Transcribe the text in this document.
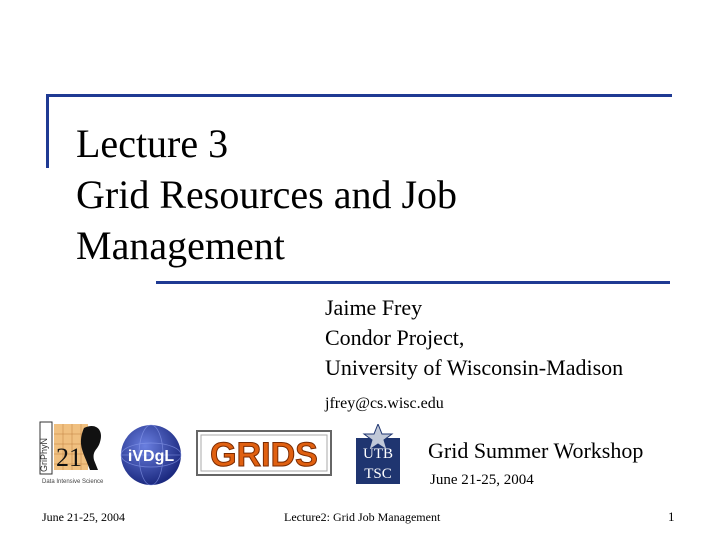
Lecture 3
Grid Resources and Job
Management
Jaime Frey
Condor Project,
University of Wisconsin-Madison
jfrey@cs.wisc.edu
GriPhyN 21
Data Intensive Science
iVDgL GRIDS	UTB
TSC
Grid Summer Workshop
June 21-25, 2004
June 21-25, 2004	Lecture2: Grid Job Management	1
